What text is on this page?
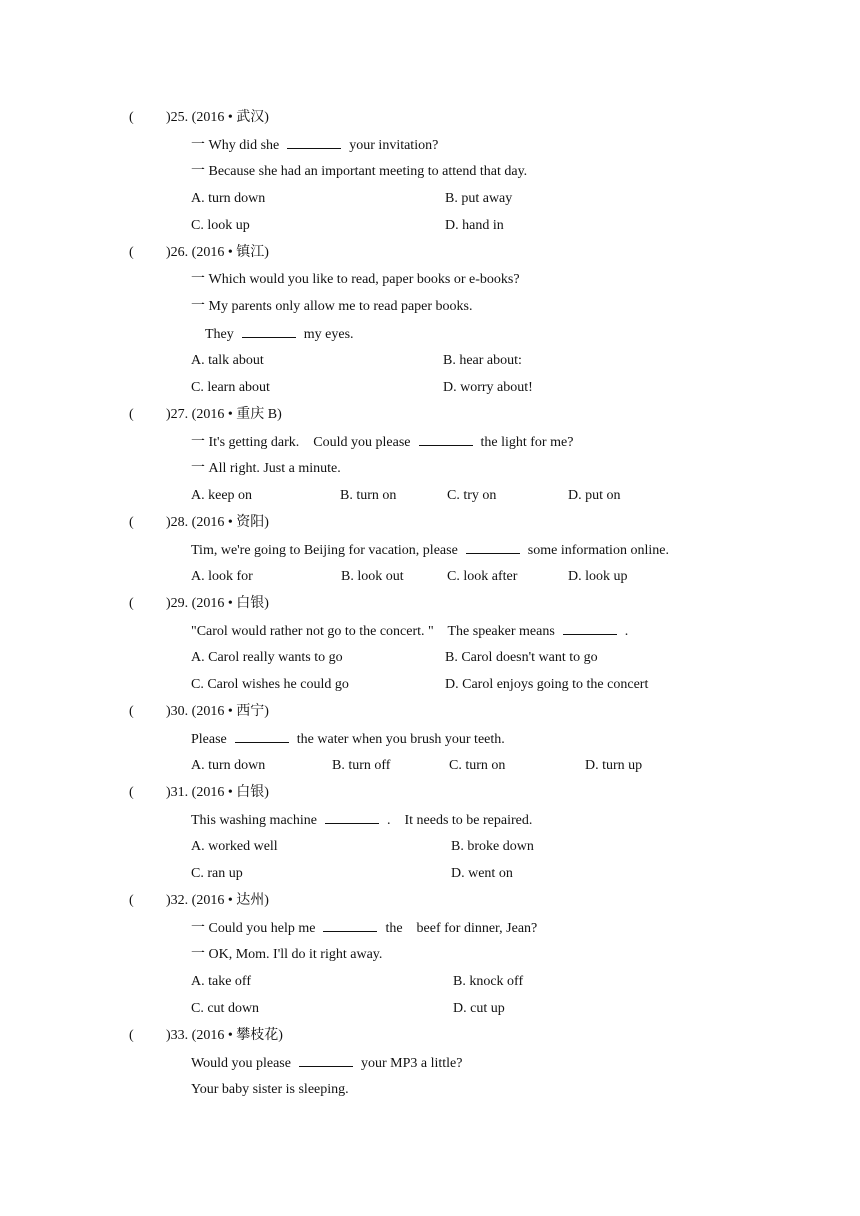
( )25. (2016 • 武汉)
一 Why did she	your invitation?
一 Because she had an important meeting to attend that day.
A. turn down	B. put away
C. look up	D. hand in
( )26. (2016 • 镇江)
一 Which would you like to read, paper books or e-books?
一 My parents only allow me to read paper books.
They	my eyes.
A. talk about	B. hear about:
C. learn about	D. worry about!
( )27. (2016 • 重庆 B)
一 It's getting dark.    Could you please	the light for me?
一 All right. Just a minute.
A. keep on	B. turn on	C. try on	D. put on
( )28. (2016 • 资阳)
Tim, we're going to Beijing for vacation, please	some information online.
A. look for	B. look out	C. look after	D. look up
( )29. (2016 • 白银)
"Carol would rather not go to the concert. "    The speaker means	.
A. Carol really wants to go	B. Carol doesn't want to go
C. Carol wishes he could go	D. Carol enjoys going to the concert
( )30. (2016 • 西宁)
Please	the water when you brush your teeth.
A. turn down	B. turn off	C. turn on	D. turn up
( )31. (2016 • 白银)
This washing machine	.    It needs to be repaired.
A. worked well	B. broke down
C. ran up	D. went on
( )32. (2016 • 达州)
一 Could you help me	the    beef for dinner, Jean?
一 OK, Mom. I'll do it right away.
A. take off	B. knock off
C. cut down	D. cut up
( )33. (2016 • 攀枝花)
Would you please	your MP3 a little?
Your baby sister is sleeping.
